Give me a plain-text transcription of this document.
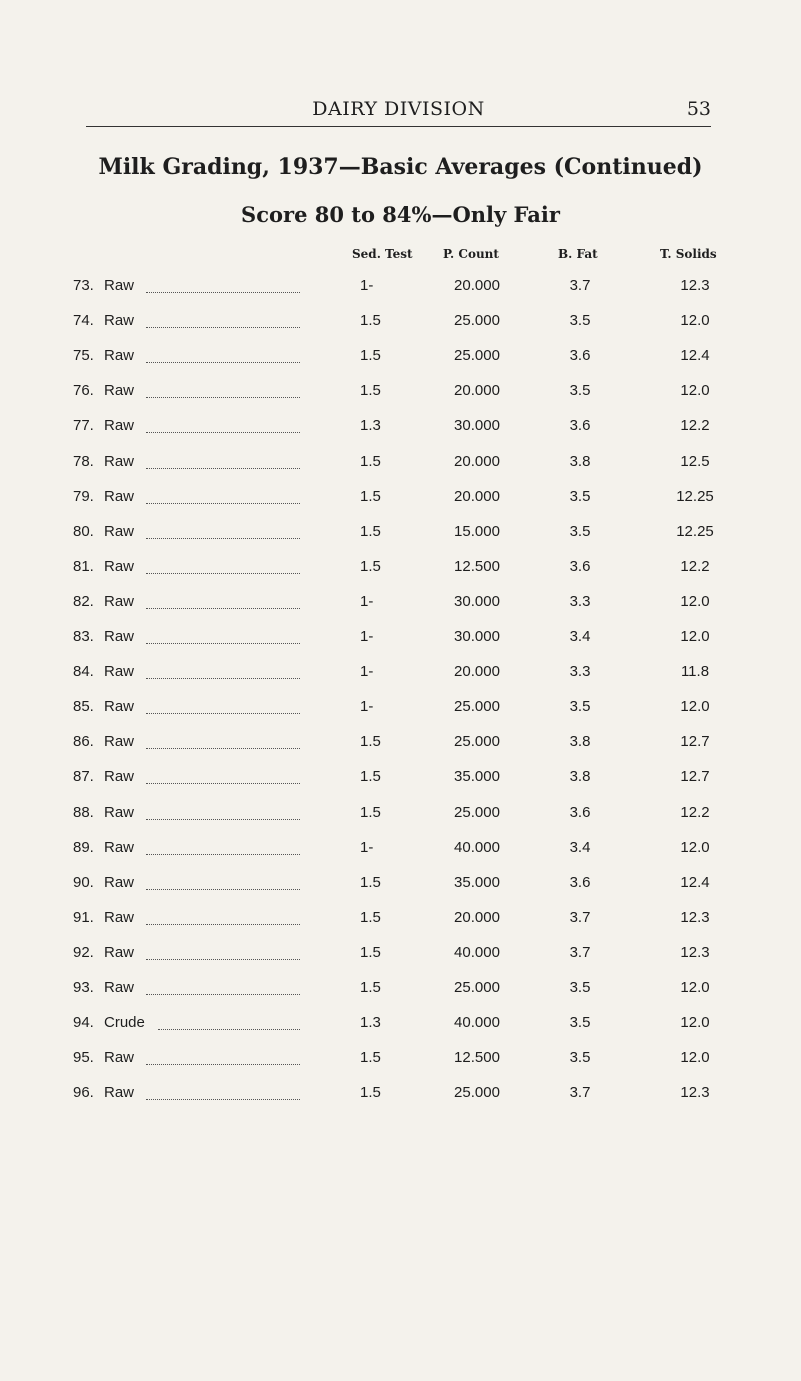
DAIRY DIVISION	53
Milk Grading, 1937—Basic Averages (Continued)
Score 80 to 84%—Only Fair
Sed. Test	P. Count	B. Fat	T. Solids
73. Raw	1-	20.000	3.7	12.3
74. Raw	1.5	25.000	3.5	12.0
75. Raw	1.5	25.000	3.6	12.4
76. Raw	1.5	20.000	3.5	12.0
77. Raw	1.3	30.000	3.6	12.2
78. Raw	1.5	20.000	3.8	12.5
79. Raw	1.5	20.000	3.5	12.25
80. Raw	1.5	15.000	3.5	12.25
81. Raw	1.5	12.500	3.6	12.2
82. Raw	1-	30.000	3.3	12.0
83. Raw	1-	30.000	3.4	12.0
84. Raw	1-	20.000	3.3	11.8
85. Raw	1-	25.000	3.5	12.0
86. Raw	1.5	25.000	3.8	12.7
87. Raw	1.5	35.000	3.8	12.7
88. Raw	1.5	25.000	3.6	12.2
89. Raw	1-	40.000	3.4	12.0
90. Raw	1.5	35.000	3.6	12.4
91. Raw	1.5	20.000	3.7	12.3
92. Raw	1.5	40.000	3.7	12.3
93. Raw	1.5	25.000	3.5	12.0
94. Crude	1.3	40.000	3.5	12.0
95. Raw	1.5	12.500	3.5	12.0
96. Raw	1.5	25.000	3.7	12.3
